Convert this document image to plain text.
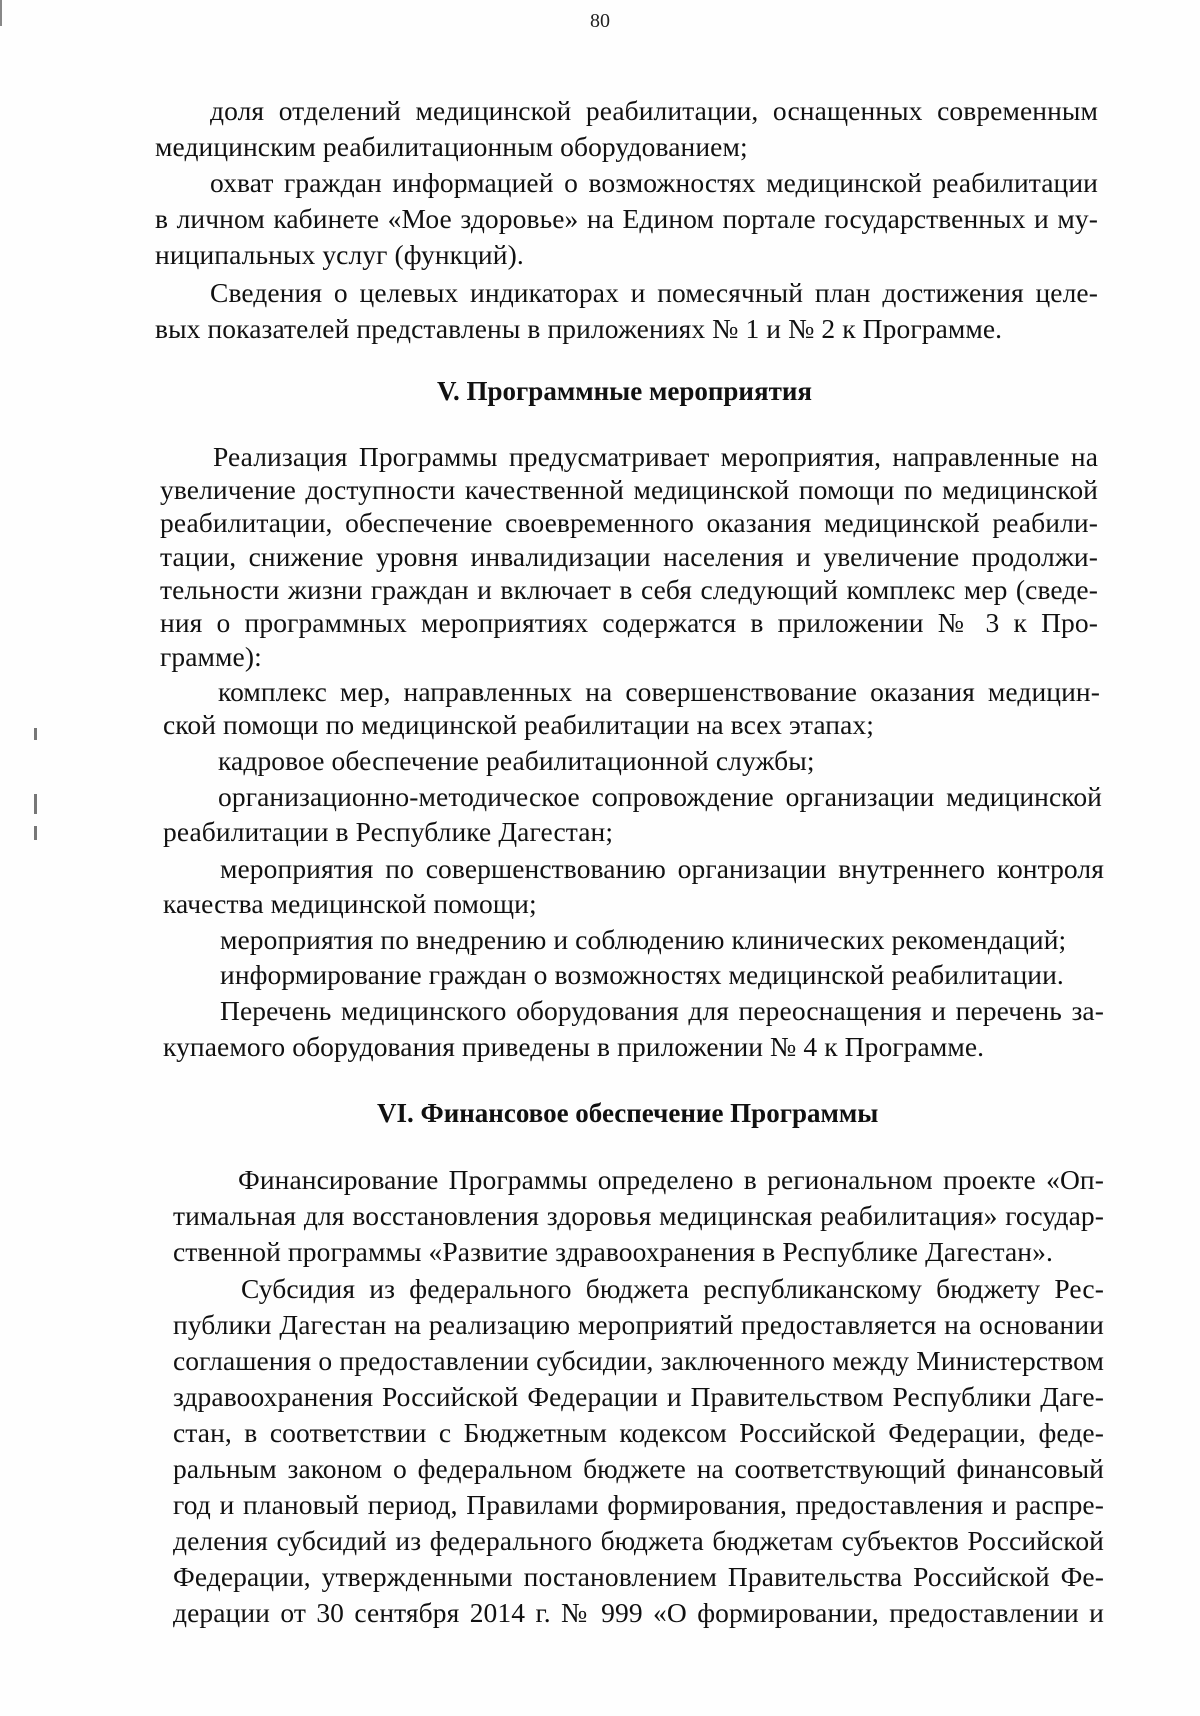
80
доля отделений медицинской реабилитации, оснащенных современным
медицинским реабилитационным оборудованием;
охват граждан информацией о возможностях медицинской реабилитации
в личном кабинете «Мое здоровье» на Едином портале государственных и му-
ниципальных услуг (функций).
Сведения о целевых индикаторах и помесячный план достижения целе-
вых показателей представлены в приложениях № 1 и № 2 к Программе.
V. Программные мероприятия
Реализация Программы предусматривает мероприятия, направленные на
увеличение доступности качественной медицинской помощи по медицинской
реабилитации, обеспечение своевременного оказания медицинской реабили-
тации, снижение уровня инвалидизации населения и увеличение продолжи-
тельности жизни граждан и включает в себя следующий комплекс мер (сведе-
ния о программных мероприятиях содержатся в приложении № 3 к Про-
грамме):
комплекс мер, направленных на совершенствование оказания медицин-
ской помощи по медицинской реабилитации на всех этапах;
кадровое обеспечение реабилитационной службы;
организационно-методическое сопровождение организации медицинской
реабилитации в Республике Дагестан;
мероприятия по совершенствованию организации внутреннего контроля
качества медицинской помощи;
мероприятия по внедрению и соблюдению клинических рекомендаций;
информирование граждан о возможностях медицинской реабилитации.
Перечень медицинского оборудования для переоснащения и перечень за-
купаемого оборудования приведены в приложении № 4 к Программе.
VI. Финансовое обеспечение Программы
Финансирование Программы определено в региональном проекте «Оп-
тимальная для восстановления здоровья медицинская реабилитация» государ-
ственной программы «Развитие здравоохранения в Республике Дагестан».
Субсидия из федерального бюджета республиканскому бюджету Рес-
публики Дагестан на реализацию мероприятий предоставляется на основании
соглашения о предоставлении субсидии, заключенного между Министерством
здравоохранения Российской Федерации и Правительством Республики Даге-
стан, в соответствии с Бюджетным кодексом Российской Федерации, феде-
ральным законом о федеральном бюджете на соответствующий финансовый
год и плановый период, Правилами формирования, предоставления и распре-
деления субсидий из федерального бюджета бюджетам субъектов Российской
Федерации, утвержденными постановлением Правительства Российской Фе-
дерации от 30 сентября 2014 г. № 999 «О формировании, предоставлении и
